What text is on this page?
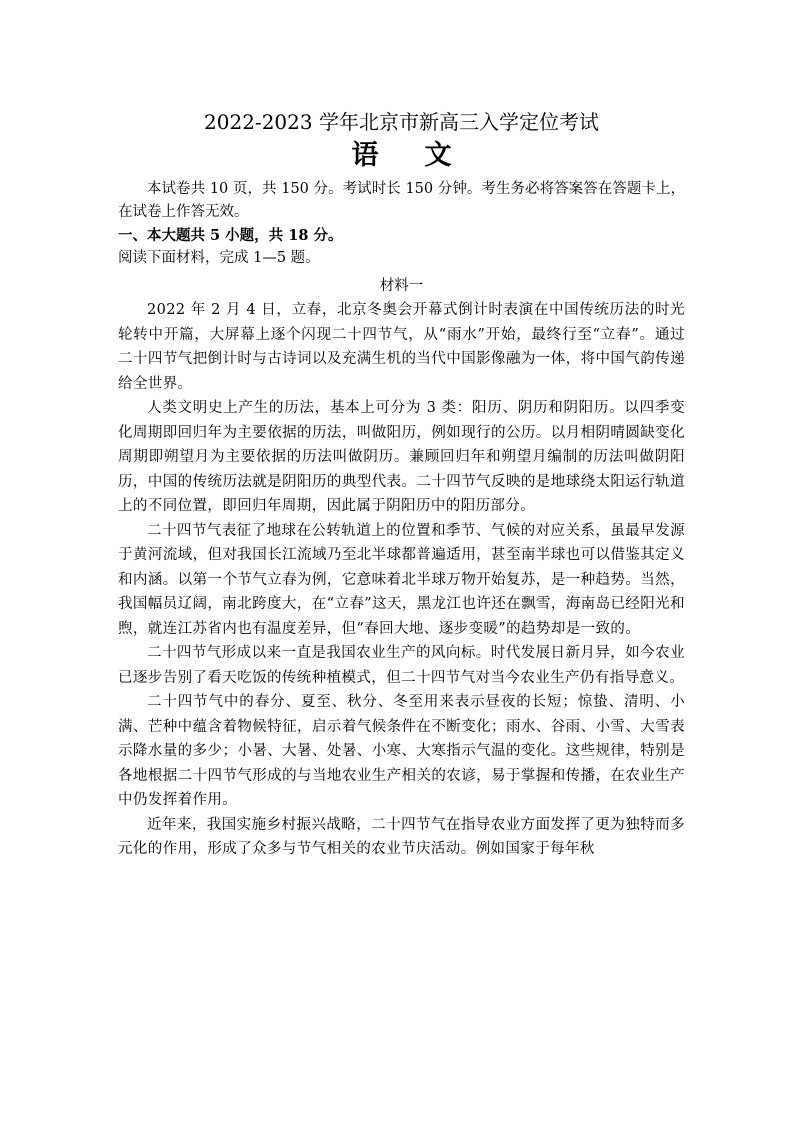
2022-2023 学年北京市新高三入学定位考试
语文

本试卷共 10 页，共 150 分。考试时长 150 分钟。考生务必将答案答在答题卡上，在试卷上作答无效。

一、本大题共 5 小题，共 18 分。

阅读下面材料，完成 1—5 题。

材料一

2022 年 2 月 4 日，立春，北京冬奥会开幕式倒计时表演在中国传统历法的时光轮转中开篇，大屏幕上逐个闪现二十四节气，从“雨水”开始，最终行至“立春”。通过二十四节气把倒计时与古诗词以及充满生机的当代中国影像融为一体，将中国气韵传递给全世界。

人类文明史上产生的历法，基本上可分为 3 类：阳历、阴历和阴阳历。以四季变化周期即回归年为主要依据的历法，叫做阳历，例如现行的公历。以月相阴晴圆缺变化周期即朔望月为主要依据的历法叫做阴历。兼顾回归年和朔望月编制的历法叫做阴阳历，中国的传统历法就是阴阳历的典型代表。二十四节气反映的是地球绕太阳运行轨道上的不同位置，即回归年周期，因此属于阴阳历中的阳历部分。

二十四节气表征了地球在公转轨道上的位置和季节、气候的对应关系，虽最早发源于黄河流域，但对我国长江流域乃至北半球都普遍适用，甚至南半球也可以借鉴其定义和内涵。以第一个节气立春为例，它意味着北半球万物开始复苏，是一种趋势。当然，我国幅员辽阔，南北跨度大，在“立春”这天，黑龙江也许还在飘雪，海南岛已经阳光和煦，就连江苏省内也有温度差异，但“春回大地、逐步变暖”的趋势却是一致的。

二十四节气形成以来一直是我国农业生产的风向标。时代发展日新月异，如今农业已逐步告别了看天吃饭的传统种植模式，但二十四节气对当今农业生产仍有指导意义。

二十四节气中的春分、夏至、秋分、冬至用来表示昼夜的长短；惊蛰、清明、小满、芒种中蕴含着物候特征，启示着气候条件在不断变化；雨水、谷雨、小雪、大雪表示降水量的多少；小暑、大暑、处暑、小寒、大寒指示气温的变化。这些规律，特别是各地根据二十四节气形成的与当地农业生产相关的农谚，易于掌握和传播，在农业生产中仍发挥着作用。

近年来，我国实施乡村振兴战略，二十四节气在指导农业方面发挥了更为独特而多元化的作用，形成了众多与节气相关的农业节庆活动。例如国家于每年秋
